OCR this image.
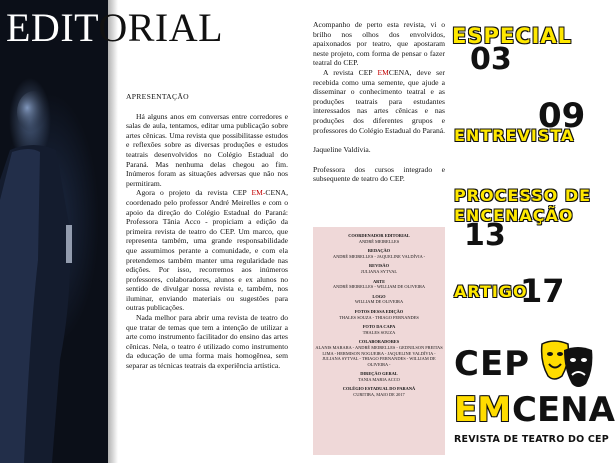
EDITORIAL

APRESENTAÇÃO

Há alguns anos em conversas entre corredores e salas de aula, tentamos, editar uma publicação sobre artes cênicas. Uma revista que possibilitasse estudos e reflexões sobre as diversas produções e estudos teatrais desenvolvidos no Colégio Estadual do Paraná. Mas nenhuma delas chegou ao fim. Inúmeros foram as situações adversas que não nos permitiram.

Agora o projeto da revista CEP EM-CENA, coordenado pelo professor André Meirelles e com o apoio da direção do Colégio Estadual do Paraná: Professora Tânia Acco - propiciam a edição da primeira revista de teatro do CEP. Um marco, que representa também, uma grande responsabilidade que assumimos perante a comunidade, e com ela pretendemos também manter uma regularidade nas edições. Por isso, recorremos aos inúmeros professores, colaboradores, alunos e ex alunos no sentido de divulgar nossa revista e, também, nos iluminar, enviando materiais ou sugestões para outras publicações.

Nada melhor para abrir uma revista de teatro do que tratar de temas que tem a intenção de utilizar a arte como instrumento facilitador do ensino das artes cênicas. Nela, o teatro é utilizado como instrumento da educação de uma forma mais homogênea, sem separar as técnicas teatrais da experiência artística.

Acompanho de perto esta revista, vi o brilho nos olhos dos envolvidos, apaixonados por teatro, que apostaram neste projeto, com forma de pensar o fazer teatral do CEP.

A revista CEP EMCENA, deve ser recebida como uma semente, que ajude a disseminar o conhecimento teatral e as produções teatrais para estudantes interessados nas artes cênicas e nas produções dos diferentes grupos e professores do Colégio Estadual do Paraná.

Jaqueline Valdívia.

Professora dos cursos integrado e subsequente de teatro do CEP.

COORDENADOR EDITORIAL
ANDRÉ MEIRELLES
REDAÇÃO
ANDRÉ MEIRELLES - JAQUELINE VALDÍVIA -
REVISÃO
JULIANA SYTVAL
ARTE
ANDRÉ MEIRELLES - WILLIAM DE OLIVEIRA
LOGO
WILLIAM DE OLIVEIRA
FOTOS DESSA EDIÇÃO
THALES SOUZA - THIAGO FERNANDES
FOTO DA CAPA
THALES SOUZA
COLABORADORES
ALANIS MARARA - ANDRÉ MEIRELLES - GEDNILSON FREITAS LIMA - HERMISON NOGUEIRA - JAQUELINE VALDÍVIA - JULIANA SYTVAL - THIAGO FERNANDES - WILLIAM DE OLIVEIRA -
DIREÇÃO GERAL
TANIA MARIA ACCO
COLÉGIO ESTADUAL DO PARANÁ
CURITIBA, MAIO DE 2017
ESPECIAL
03
09
ENTREVISTA
PROCESSO DE
ENCENAÇÃO
13
ARTIGO
17
CEP
EM CENA
REVISTA DE TEATRO DO CEP
